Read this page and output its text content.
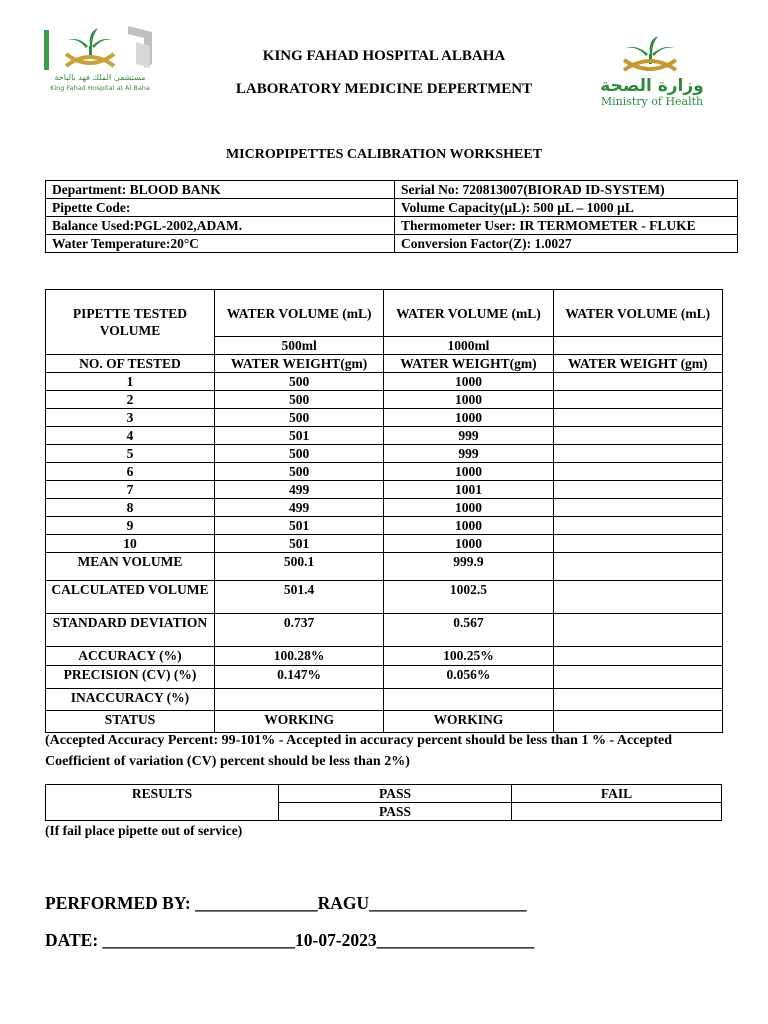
مستشفى الملك فهد بالباحة
King Fahad Hospital at Al Baha	وزارة الصحة
Ministry of Health
KING FAHAD HOSPITAL ALBAHA
LABORATORY MEDICINE DEPERTMENT
MICROPIPETTES CALIBRATION WORKSHEET
Department: BLOOD BANK	Serial No: 720813007(BIORAD ID-SYSTEM)
Pipette Code:	Volume Capacity(µL): 500 µL – 1000 µL
Balance Used:PGL-2002,ADAM.	Thermometer User: IR TERMOMETER - FLUKE
Water Temperature:20°C	Conversion Factor(Z): 1.0027
PIPETTE TESTED VOLUME	WATER VOLUME (mL)	WATER VOLUME (mL)	WATER VOLUME (mL)
	500ml	1000ml	
NO. OF TESTED	WATER WEIGHT(gm)	WATER WEIGHT(gm)	WATER WEIGHT (gm)
1	500	1000	
2	500	1000	
3	500	1000	
4	501	999	
5	500	999	
6	500	1000	
7	499	1001	
8	499	1000	
9	501	1000	
10	501	1000	
MEAN VOLUME	500.1	999.9	
CALCULATED VOLUME	501.4	1002.5	
STANDARD DEVIATION	0.737	0.567	
ACCURACY (%)	100.28%	100.25%	
PRECISION (CV) (%)	0.147%	0.056%	
INACCURACY (%)			
STATUS	WORKING	WORKING	
(Accepted Accuracy Percent: 99-101% - Accepted in accuracy percent should be less than 1 % - Accepted Coefficient of variation (CV) percent should be less than 2%)
RESULTS	PASS	FAIL
	PASS	
(If fail place pipette out of service)
PERFORMED BY: ______________RAGU__________________
DATE: ______________________10-07-2023__________________
